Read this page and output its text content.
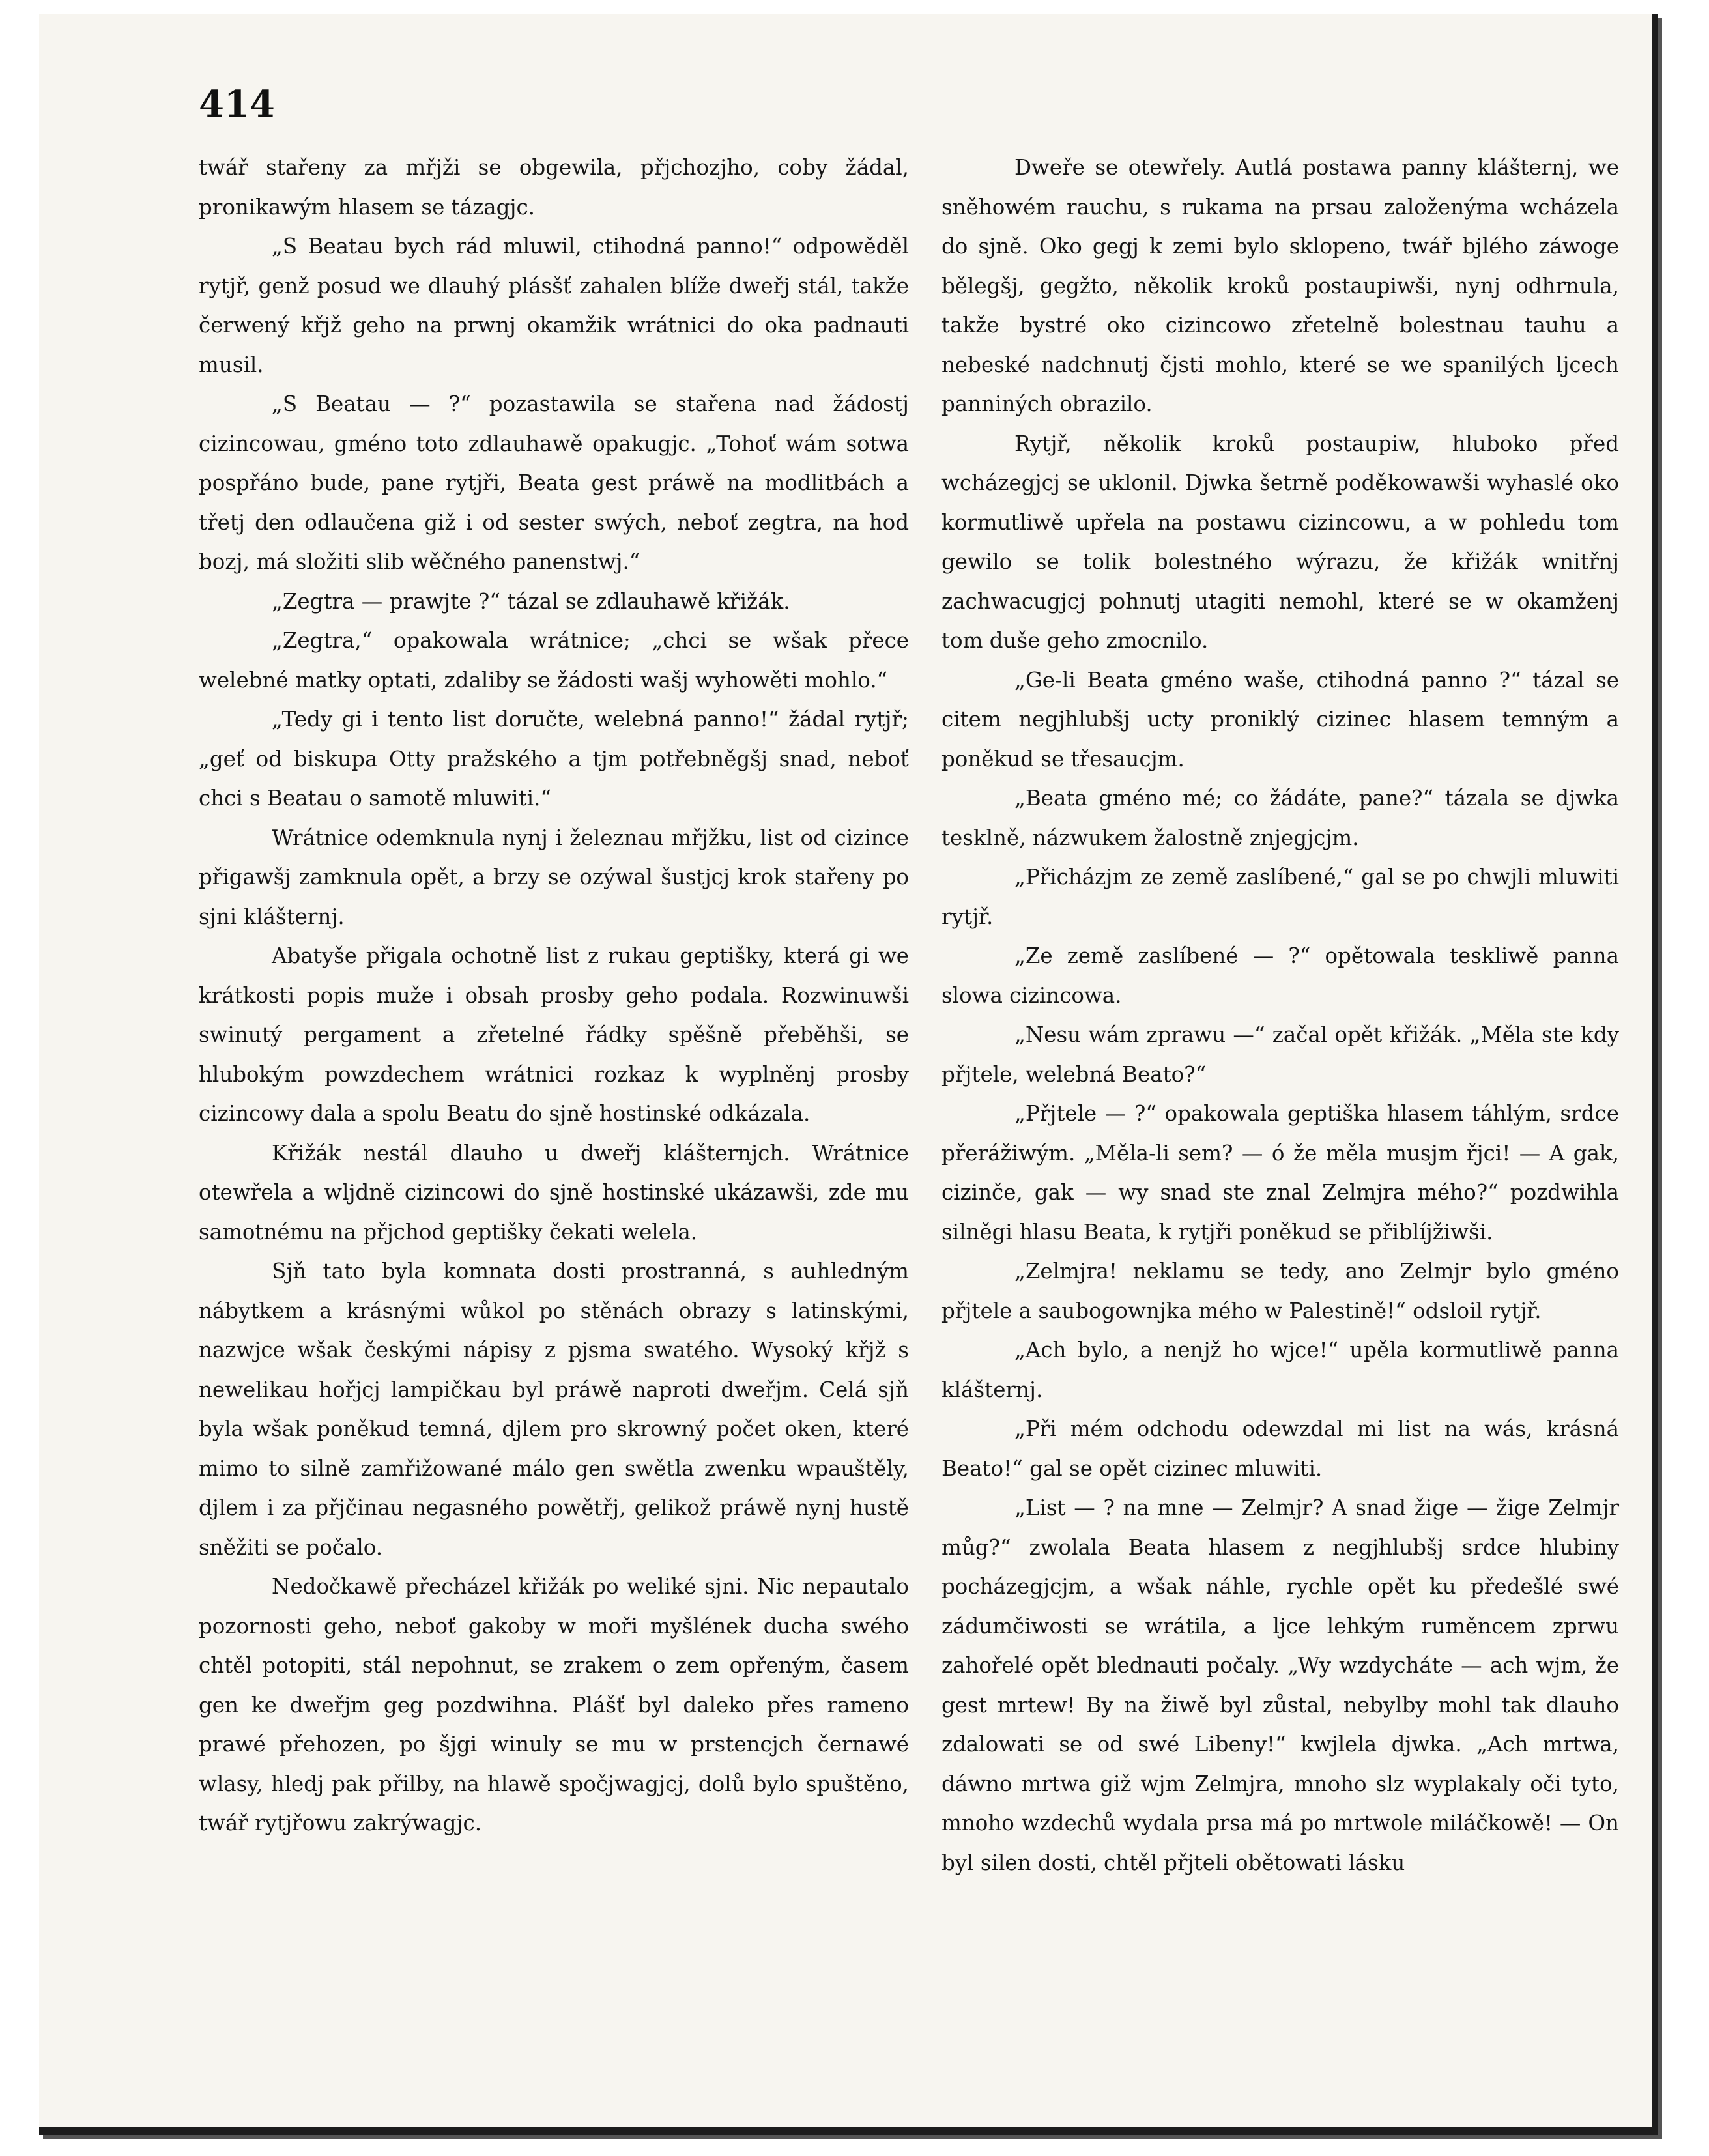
414

twář stařeny za mřjži se obgewila, přjchozjho, coby žádal, pronikawým hlasem se tázagjc.

„S Beatau bych rád mluwil, ctihodná panno!“ odpowěděl rytjř, genž posud we dlauhý plásšť zahalen blíže dweřj stál, takže čerwený křjž geho na prwnj okamžik wrátnici do oka padnauti musil.

„S Beatau — ?“ pozastawila se stařena nad žádostj cizincowau, gméno toto zdlauhawě opakugjc. „Tohoť wám sotwa pospřáno bude, pane rytjři, Beata gest práwě na modlitbách a třetj den odlaučena giž i od sester swých, neboť zegtra, na hod bozj, má složiti slib wěčného panenstwj.“

„Zegtra — prawjte ?“ tázal se zdlauhawě křižák.

„Zegtra,“ opakowala wrátnice; „chci se wšak přece welebné matky optati, zdaliby se žádosti wašj wyhowěti mohlo.“

„Tedy gi i tento list doručte, welebná panno!“ žádal rytjř; „geť od biskupa Otty pražského a tjm potřebněgšj snad, neboť chci s Beatau o samotě mluwiti.“

Wrátnice odemknula nynj i železnau mřjžku, list od cizince přigawšj zamknula opět, a brzy se ozýwal šustjcj krok stařeny po sjni klášternj.

Abatyše přigala ochotně list z rukau geptišky, která gi we krátkosti popis muže i obsah prosby geho podala. Rozwinuwši swinutý pergament a zřetelné řádky spěšně přeběhši, se hlubokým powzdechem wrátnici rozkaz k wyplněnj prosby cizincowy dala a spolu Beatu do sjně hostinské odkázala.

Křižák nestál dlauho u dweřj klášternjch. Wrátnice otewřela a wljdně cizincowi do sjně hostinské ukázawši, zde mu samotnému na přjchod geptišky čekati welela.

Sjň tato byla komnata dosti prostranná, s auhledným nábytkem a krásnými wůkol po stěnách obrazy s latinskými, nazwjce wšak českými nápisy z pjsma swatého. Wysoký křjž s newelikau hořjcj lampičkau byl práwě naproti dweřjm. Celá sjň byla wšak poněkud temná, djlem pro skrowný počet oken, které mimo to silně zamřižowané málo gen swětla zwenku wpauštěly, djlem i za přjčinau negasného powětřj, gelikož práwě nynj hustě sněžiti se počalo.

Nedočkawě přecházel křižák po weliké sjni. Nic nepautalo pozornosti geho, neboť gakoby w moři myšlének ducha swého chtěl potopiti, stál nepohnut, se zrakem o zem opřeným, časem gen ke dweřjm geg pozdwihna. Plášť byl daleko přes rameno prawé přehozen, po šjgi winuly se mu w prstencjch černawé wlasy, hledj pak přilby, na hlawě spočjwagjcj, dolů bylo spuštěno, twář rytjřowu zakrýwagjc.

Dweře se otewřely. Autlá postawa panny klášternj, we sněhowém rauchu, s rukama na prsau založenýma wcházela do sjně. Oko gegj k zemi bylo sklopeno, twář bjlého záwoge bělegšj, gegžto, několik kroků postaupiwši, nynj odhrnula, takže bystré oko cizincowo zřetelně bolestnau tauhu a nebeské nadchnutj čjsti mohlo, které se we spanilých ljcech panniných obrazilo.

Rytjř, několik kroků postaupiw, hluboko před wcházegjcj se uklonil. Djwka šetrně poděkowawši wyhaslé oko kormutliwě upřela na postawu cizincowu, a w pohledu tom gewilo se tolik bolestného wýrazu, že křižák wnitřnj zachwacugjcj pohnutj utagiti nemohl, které se w okamženj tom duše geho zmocnilo.

„Ge-li Beata gméno waše, ctihodná panno ?“ tázal se citem negjhlubšj ucty proniklý cizinec hlasem temným a poněkud se třesaucjm.

„Beata gméno mé; co žádáte, pane?“ tázala se djwka tesklně, názwukem žalostně znjegjcjm.

„Přicházjm ze země zaslíbené,“ gal se po chwjli mluwiti rytjř.

„Ze země zaslíbené — ?“ opětowala teskliwě panna slowa cizincowa.

„Nesu wám zprawu —“ začal opět křižák. „Měla ste kdy přjtele, welebná Beato?“

„Přjtele — ?“ opakowala geptiška hlasem táhlým, srdce přerážiwým. „Měla-li sem? — ó že měla musjm řjci! — A gak, cizinče, gak — wy snad ste znal Zelmjra mého?“ pozdwihla silněgi hlasu Beata, k rytjři poněkud se přiblíjžiwši.

„Zelmjra! neklamu se tedy, ano Zelmjr bylo gméno přjtele a saubogownjka mého w Palestině!“ odsloil rytjř.

„Ach bylo, a nenjž ho wjce!“ upěla kormutliwě panna klášternj.

„Při mém odchodu odewzdal mi list na wás, krásná Beato!“ gal se opět cizinec mluwiti.

„List — ? na mne — Zelmjr? A snad žige — žige Zelmjr můg?“ zwolala Beata hlasem z negjhlubšj srdce hlubiny pocházegjcjm, a wšak náhle, rychle opět ku předešlé swé zádumčiwosti se wrátila, a ljce lehkým ruměncem zprwu zahořelé opět blednauti počaly. „Wy wzdycháte — ach wjm, že gest mrtew! By na žiwě byl zůstal, nebylby mohl tak dlauho zdalowati se od swé Libeny!“ kwjlela djwka. „Ach mrtwa, dáwno mrtwa giž wjm Zelmjra, mnoho slz wyplakaly oči tyto, mnoho wzdechů wydala prsa má po mrtwole miláčkowě! — On byl silen dosti, chtěl přjteli obětowati lásku
